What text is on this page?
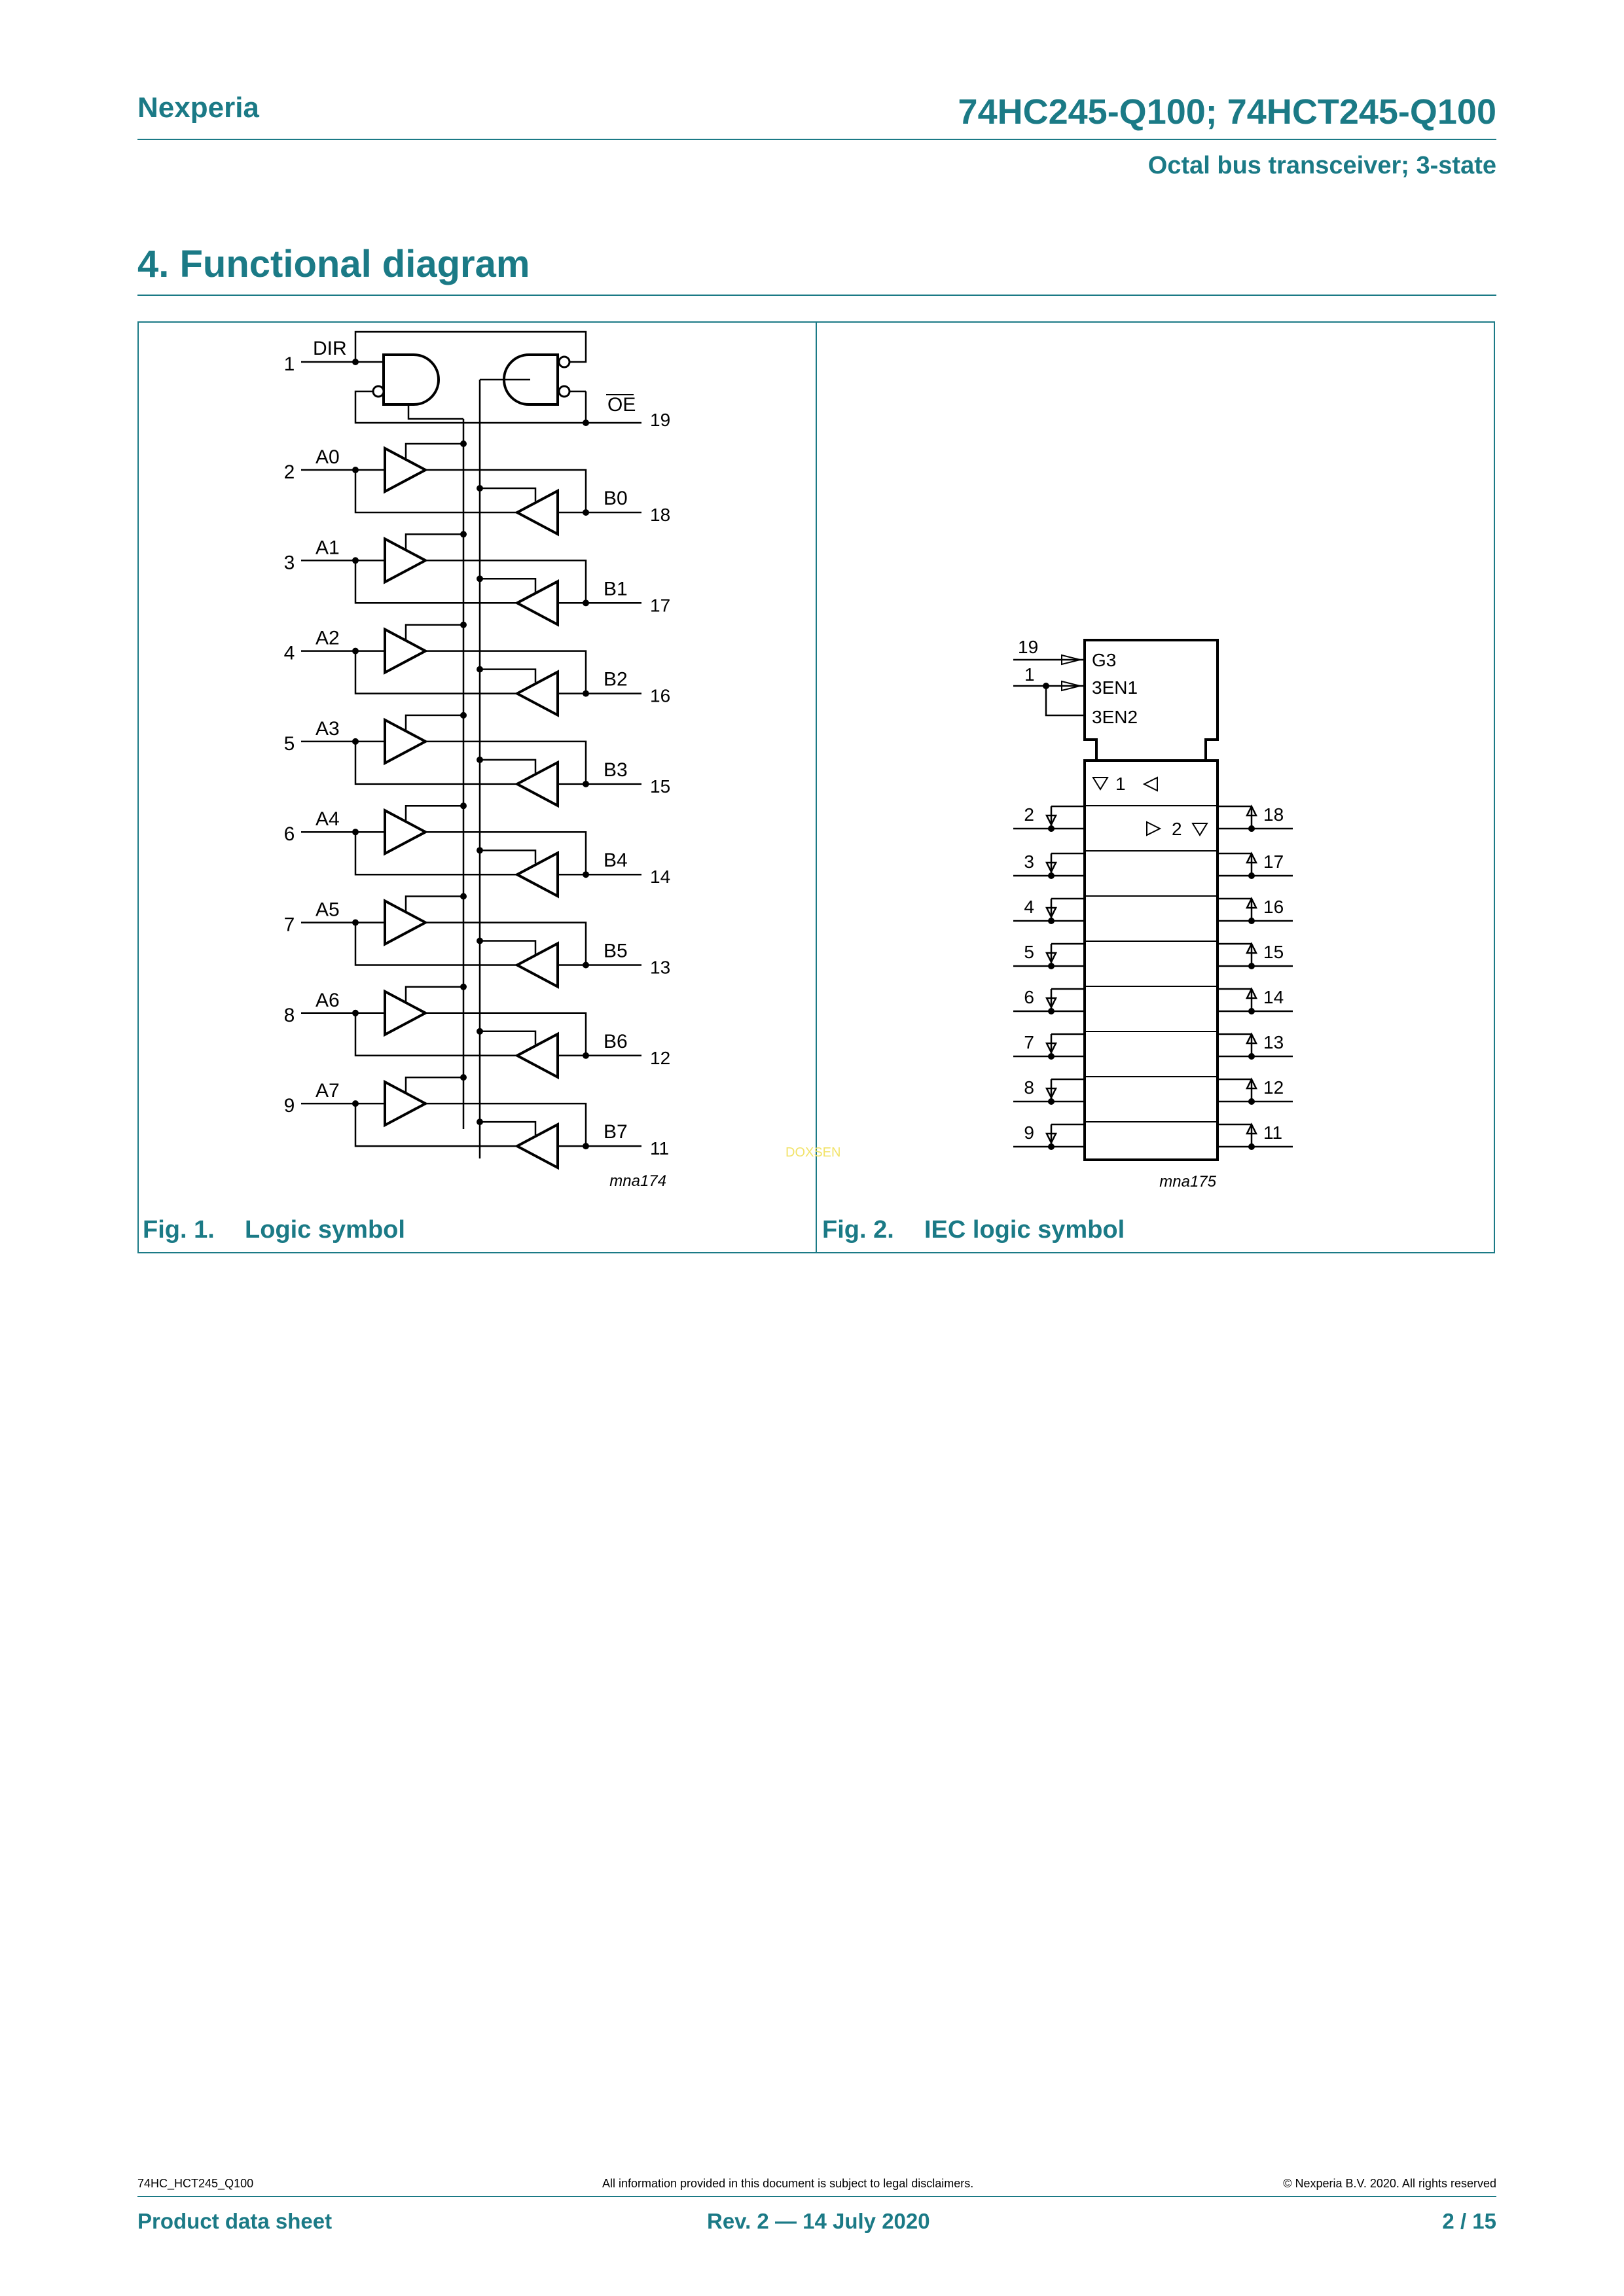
Nexperia	74HC245-Q100; 74HCT245-Q100
Octal bus transceiver; 3-state
4. Functional diagram
1
DIR
OE
19
2
A0
B0
18
3
A1
B1
17
4
A2
B2
16
5
A3
B3
15
6
A4
B4
14
7
A5
B5
13
8
A6
B6
12
9
A7
B7
11
mna174
19
G3
1
3EN1
3EN2
1
2
2
3
4
5
6
7
8
9
18
17
16
15
14
13
12
11
mna175
DOXSEN
Fig. 1. Logic symbol	Fig. 2. IEC logic symbol
74HC_HCT245_Q100	All information provided in this document is subject to legal disclaimers.	© Nexperia B.V. 2020. All rights reserved
Product data sheet	Rev. 2 — 14 July 2020	2 / 15
